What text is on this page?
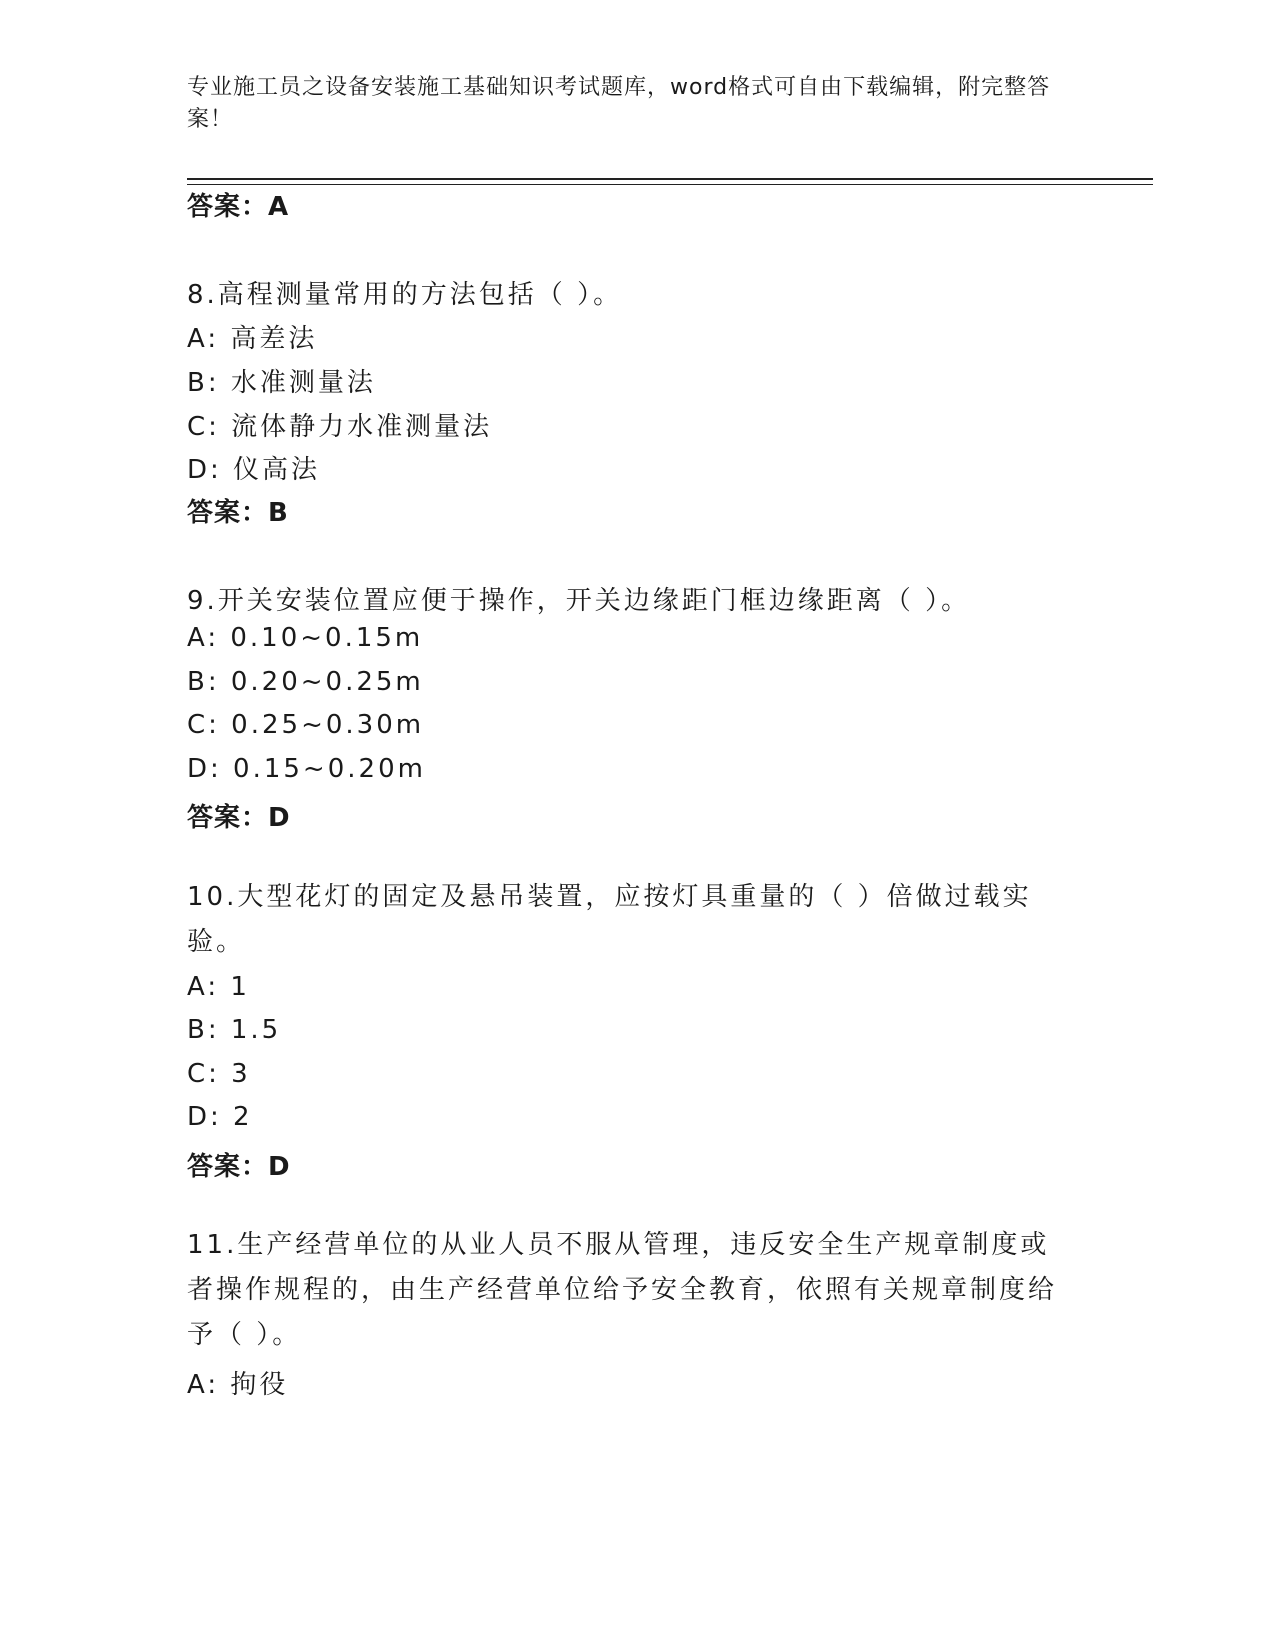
专业施工员之设备安装施工基础知识考试题库，word格式可自由下载编辑，附完整答案！
答案：A
8.高程测量常用的方法包括（ ）。
A: 高差法
B: 水准测量法
C: 流体静力水准测量法
D: 仪高法
答案：B
9.开关安装位置应便于操作，开关边缘距门框边缘距离（ ）。
A: 0.10~0.15m
B: 0.20~0.25m
C: 0.25~0.30m
D: 0.15~0.20m
答案：D
10.大型花灯的固定及悬吊装置，应按灯具重量的（ ）倍做过载实验。
A: 1
B: 1.5
C: 3
D: 2
答案：D
11.生产经营单位的从业人员不服从管理，违反安全生产规章制度或者操作规程的，由生产经营单位给予安全教育，依照有关规章制度给予（ ）。
A: 拘役
